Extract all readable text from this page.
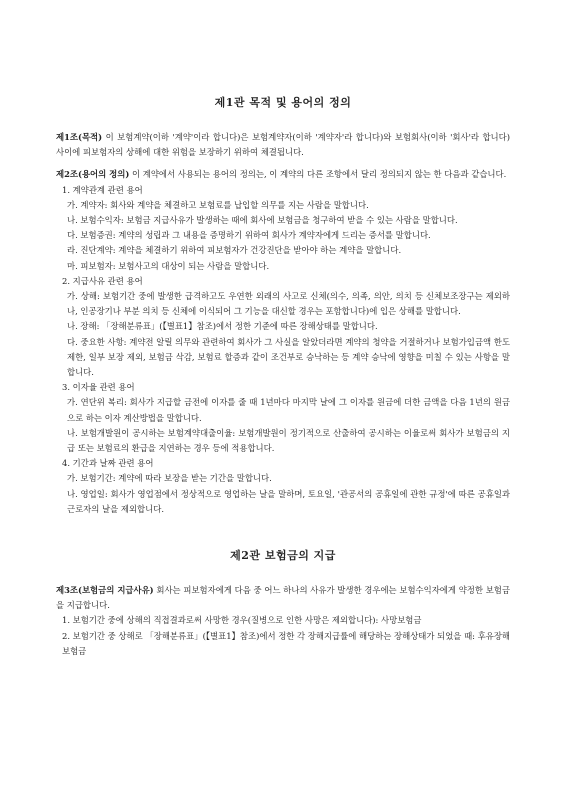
제1관 목적 및 용어의 정의

제1조(목적) 이 보험계약(이하 '계약'이라 합니다)은 보험계약자(이하 '계약자'라 합니다)와 보험회사(이하 '회사'라 합니다) 사이에 피보험자의 상해에 대한 위험을 보장하기 위하여 체결됩니다.

제2조(용어의 정의) 이 계약에서 사용되는 용어의 정의는, 이 계약의 다른 조항에서 달리 정의되지 않는 한 다음과 같습니다.

1. 계약관계 관련 용어

가. 계약자: 회사와 계약을 체결하고 보험료를 납입할 의무를 지는 사람을 말합니다.

나. 보험수익자: 보험금 지급사유가 발생하는 때에 회사에 보험금을 청구하여 받을 수 있는 사람을 말합니다.

다. 보험증권: 계약의 성립과 그 내용을 증명하기 위하여 회사가 계약자에게 드리는 증서를 말합니다.

라. 진단계약: 계약을 체결하기 위하여 피보험자가 건강진단을 받아야 하는 계약을 말합니다.

마. 피보험자: 보험사고의 대상이 되는 사람을 말합니다.

2. 지급사유 관련 용어

가. 상해: 보험기간 중에 발생한 급격하고도 우연한 외래의 사고로 신체(의수, 의족, 의안, 의치 등 신체보조장구는 제외하나, 인공장기나 부분 의치 등 신체에 이식되어 그 기능을 대신할 경우는 포함합니다)에 입은 상해를 말합니다.

나. 장해: 「장해분류표」(【별표1】참조)에서 정한 기준에 따른 장해상태를 말합니다.

다. 중요한 사항: 계약전 알릴 의무와 관련하여 회사가 그 사실을 알았더라면 계약의 청약을 거절하거나 보험가입금액 한도 제한, 일부 보장 제외, 보험금 삭감, 보험료 할증과 같이 조건부로 승낙하는 등 계약 승낙에 영향을 미칠 수 있는 사항을 말합니다.

3. 이자율 관련 용어

가. 연단위 복리: 회사가 지급할 금전에 이자를 줄 때 1년마다 마지막 날에 그 이자를 원금에 더한 금액을 다음 1년의 원금으로 하는 이자 계산방법을 말합니다.

나. 보험개발원이 공시하는 보험계약대출이율: 보험개발원이 정기적으로 산출하여 공시하는 이율로써 회사가 보험금의 지급 또는 보험료의 환급을 지연하는 경우 등에 적용합니다.

4. 기간과 날짜 관련 용어

가. 보험기간: 계약에 따라 보장을 받는 기간을 말합니다.

나. 영업일: 회사가 영업점에서 정상적으로 영업하는 날을 말하며, 토요일, '관공서의 공휴일에 관한 규정'에 따른 공휴일과 근로자의 날을 제외합니다.

제2관 보험금의 지급

제3조(보험금의 지급사유) 회사는 피보험자에게 다음 중 어느 하나의 사유가 발생한 경우에는 보험수익자에게 약정한 보험금을 지급합니다.

1. 보험기간 중에 상해의 직접결과로써 사망한 경우(질병으로 인한 사망은 제외합니다): 사망보험금

2. 보험기간 중 상해로 「장해분류표」(【별표1】참조)에서 정한 각 장해지급률에 해당하는 장해상태가 되었을 때: 후유장해보험금
